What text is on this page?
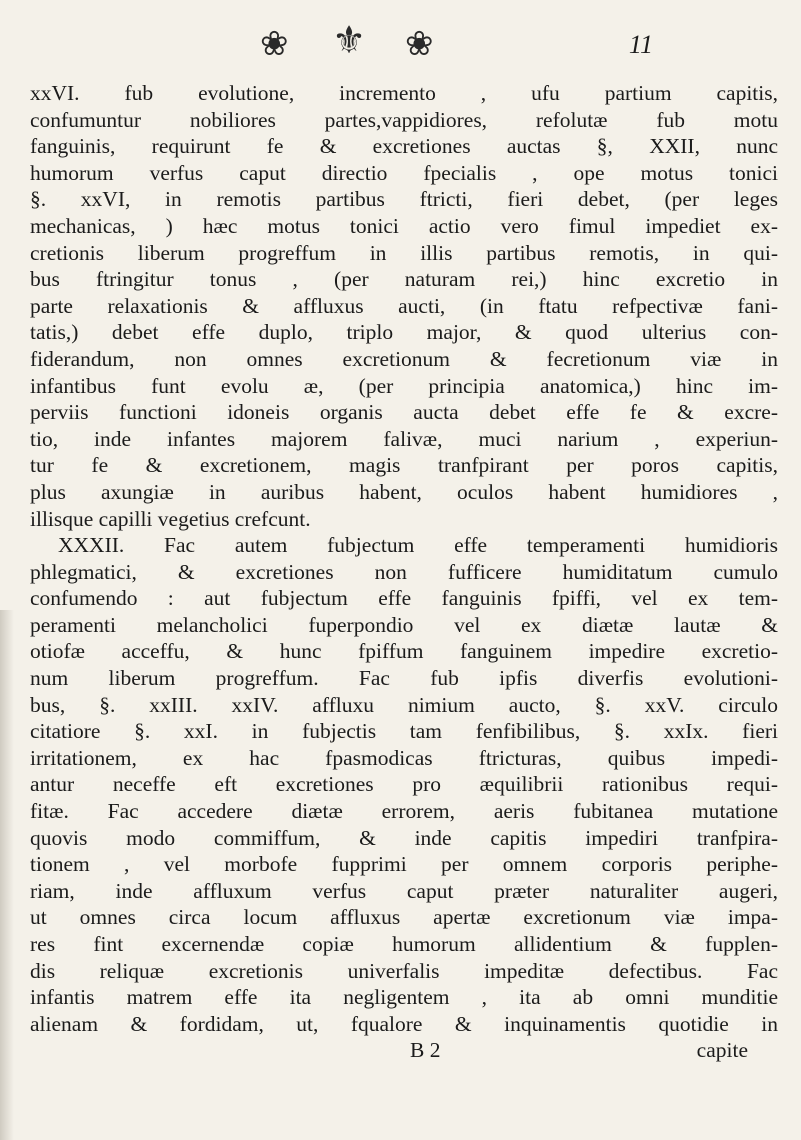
❀ ⚜ ❀	11
xxVI. fub evolutione, incremento , ufu partium capitis,
confumuntur nobiliores partes,vappidiores, refolutæ fub motu
fanguinis, requirunt fe & excretiones auctas §, XXII, nunc
humorum verfus caput directio fpecialis , ope motus tonici
§. xxVI, in remotis partibus ftricti, fieri debet, (per leges
mechanicas, ) hæc motus tonici actio vero fimul impediet ex-
cretionis liberum progreffum in illis partibus remotis, in qui-
bus ftringitur tonus , (per naturam rei,) hinc excretio in
parte relaxationis & affluxus aucti, (in ftatu refpectivæ fani-
tatis,) debet effe duplo, triplo major, & quod ulterius con-
fiderandum, non omnes excretionum & fecretionum viæ in
infantibus funt evolu æ, (per principia anatomica,) hinc im-
perviis functioni idoneis organis aucta debet effe fe & excre-
tio, inde infantes majorem falivæ, muci narium , experiun-
tur fe & excretionem, magis tranfpirant per poros capitis,
plus axungiæ in auribus habent, oculos habent humidiores ,
illisque capilli vegetius crefcunt.
XXXII. Fac autem fubjectum effe temperamenti humidioris
phlegmatici, & excretiones non fufficere humiditatum cumulo
confumendo : aut fubjectum effe fanguinis fpiffi, vel ex tem-
peramenti melancholici fuperpondio vel ex diætæ lautæ &
otiofæ acceffu, & hunc fpiffum fanguinem impedire excretio-
num liberum progreffum. Fac fub ipfis diverfis evolutioni-
bus, §. xxIII. xxIV. affluxu nimium aucto, §. xxV. circulo
citatiore §. xxI. in fubjectis tam fenfibilibus, §. xxIx. fieri
irritationem, ex hac fpasmodicas ftricturas, quibus impedi-
antur neceffe eft excretiones pro æquilibrii rationibus requi-
fitæ. Fac accedere diætæ errorem, aeris fubitanea mutatione
quovis modo commiffum, & inde capitis impediri tranfpira-
tionem , vel morbofe fupprimi per omnem corporis periphe-
riam, inde affluxum verfus caput præter naturaliter augeri,
ut omnes circa locum affluxus apertæ excretionum viæ impa-
res fint excernendæ copiæ humorum allidentium & fupplen-
dis reliquæ excretionis univerfalis impeditæ defectibus. Fac
infantis matrem effe ita negligentem , ita ab omni munditie
alienam & fordidam, ut, fqualore & inquinamentis quotidie in
B 2	capite
